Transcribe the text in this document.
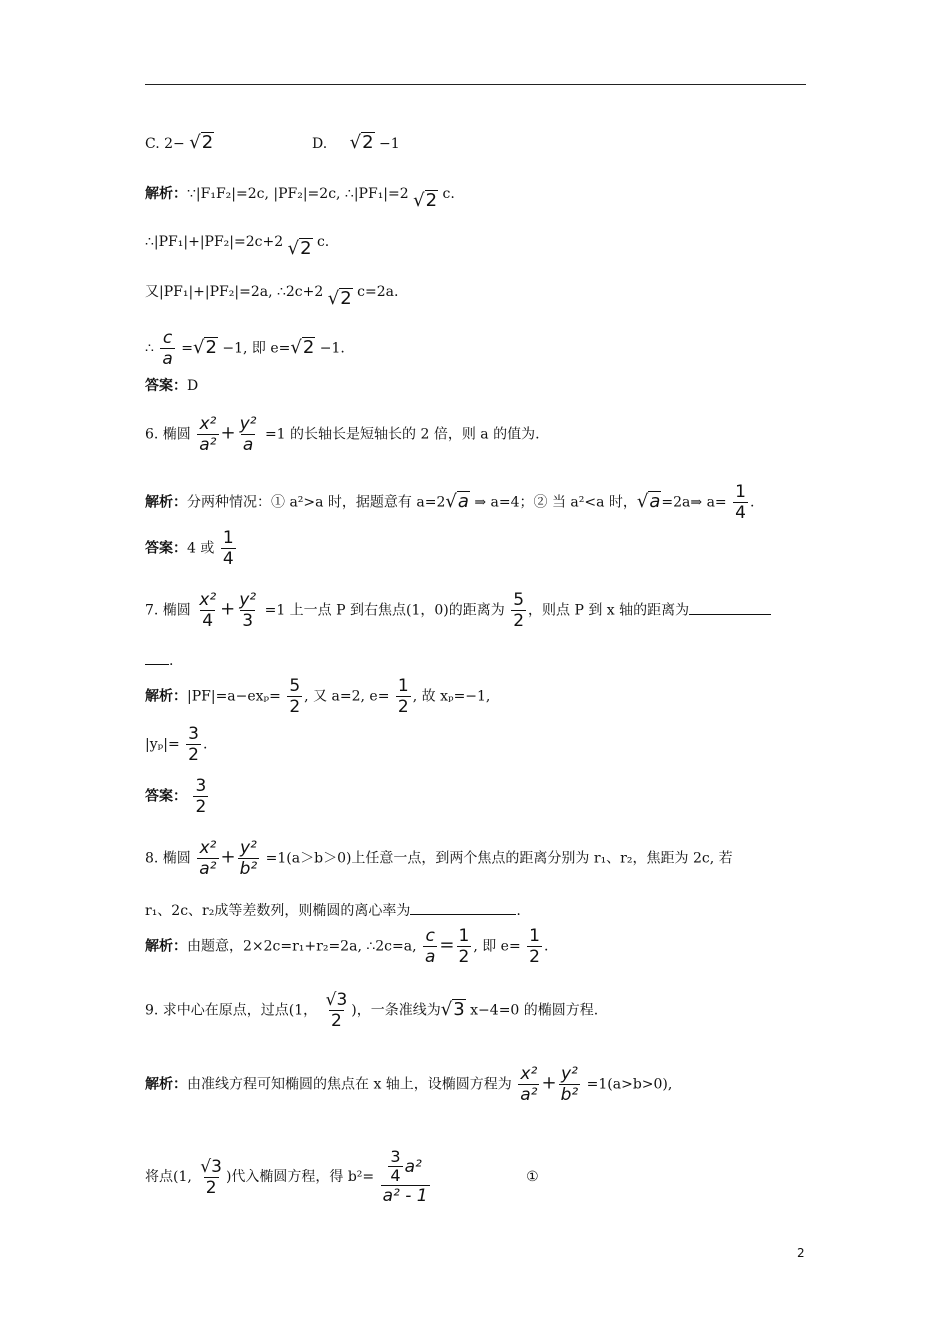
C. 2− √2	D. √2 −1
解析：∵|F₁F₂|=2c, |PF₂|=2c, ∴|PF₁|=2 √2 c.
∴|PF₁|+|PF₂|=2c+2 √2 c.
又|PF₁|+|PF₂|=2a, ∴2c+2 √2 c=2a.
∴ $\frac{c}{a} =√2 -1$, 即 e=√2 −1.
答案：D
6. 椭圆 $\frac{\text{x²}}{\text{a²}} + \frac{\text{y²}}{a} =1$ 的长轴长是短轴长的 2 倍，则 a 的值为.
解析：分两种情况：① a²>a 时，据题意有 a=2√a ⇒ a=4；② 当 a²<a 时，√a=2a⇒ $a= \frac{1}{4}$ .
答案：4 或 $\frac{1}{4}$
7. 椭圆 $\frac{\text{x²}}{4} + \frac{\text{y²}}{3} =1$ 上一点 P 到右焦点(1，0)的距离为 $\frac{5}{2}$ ，则点 P 到 x 轴的距离为
.
解析：$|PF|=a-ex_p= \frac{5}{2}$ , 又 a=2, $e= \frac{1}{2}$ , 故 xₚ=−1,
$|y_p|= \frac{3}{2}$ .
答案： $\frac{3}{2}$
8. 椭圆 $\frac{\text{x²}}{\text{a²}} + \frac{\text{y²}}{\text{b²}} =1(a>b>0)$上任意一点，到两个焦点的距离分别为 r₁、r₂，焦距为 2c, 若
r₁、2c、r₂成等差数列，则椭圆的离心率为	.
解析：由题意，2×2c=r₁+r₂=2a, ∴2c=a, $\frac{c}{a} = \frac{1}{2}$ , 即 $e= \frac{1}{2}$ .
9. 求中心在原点，过点(1， $\frac{√3}{2}$ )，一条准线为√3 x−4=0 的椭圆方程.
解析：由准线方程可知椭圆的焦点在 x 轴上，设椭圆方程为 $\frac{\text{x²}}{\text{a²}} + \frac{\text{y²}}{\text{b²}} =1(a>b>0)$,
将点(1, $\frac{√3}{2}$ )代入椭圆方程，得 b²= 3
4 a²
a² - 1	①
2
